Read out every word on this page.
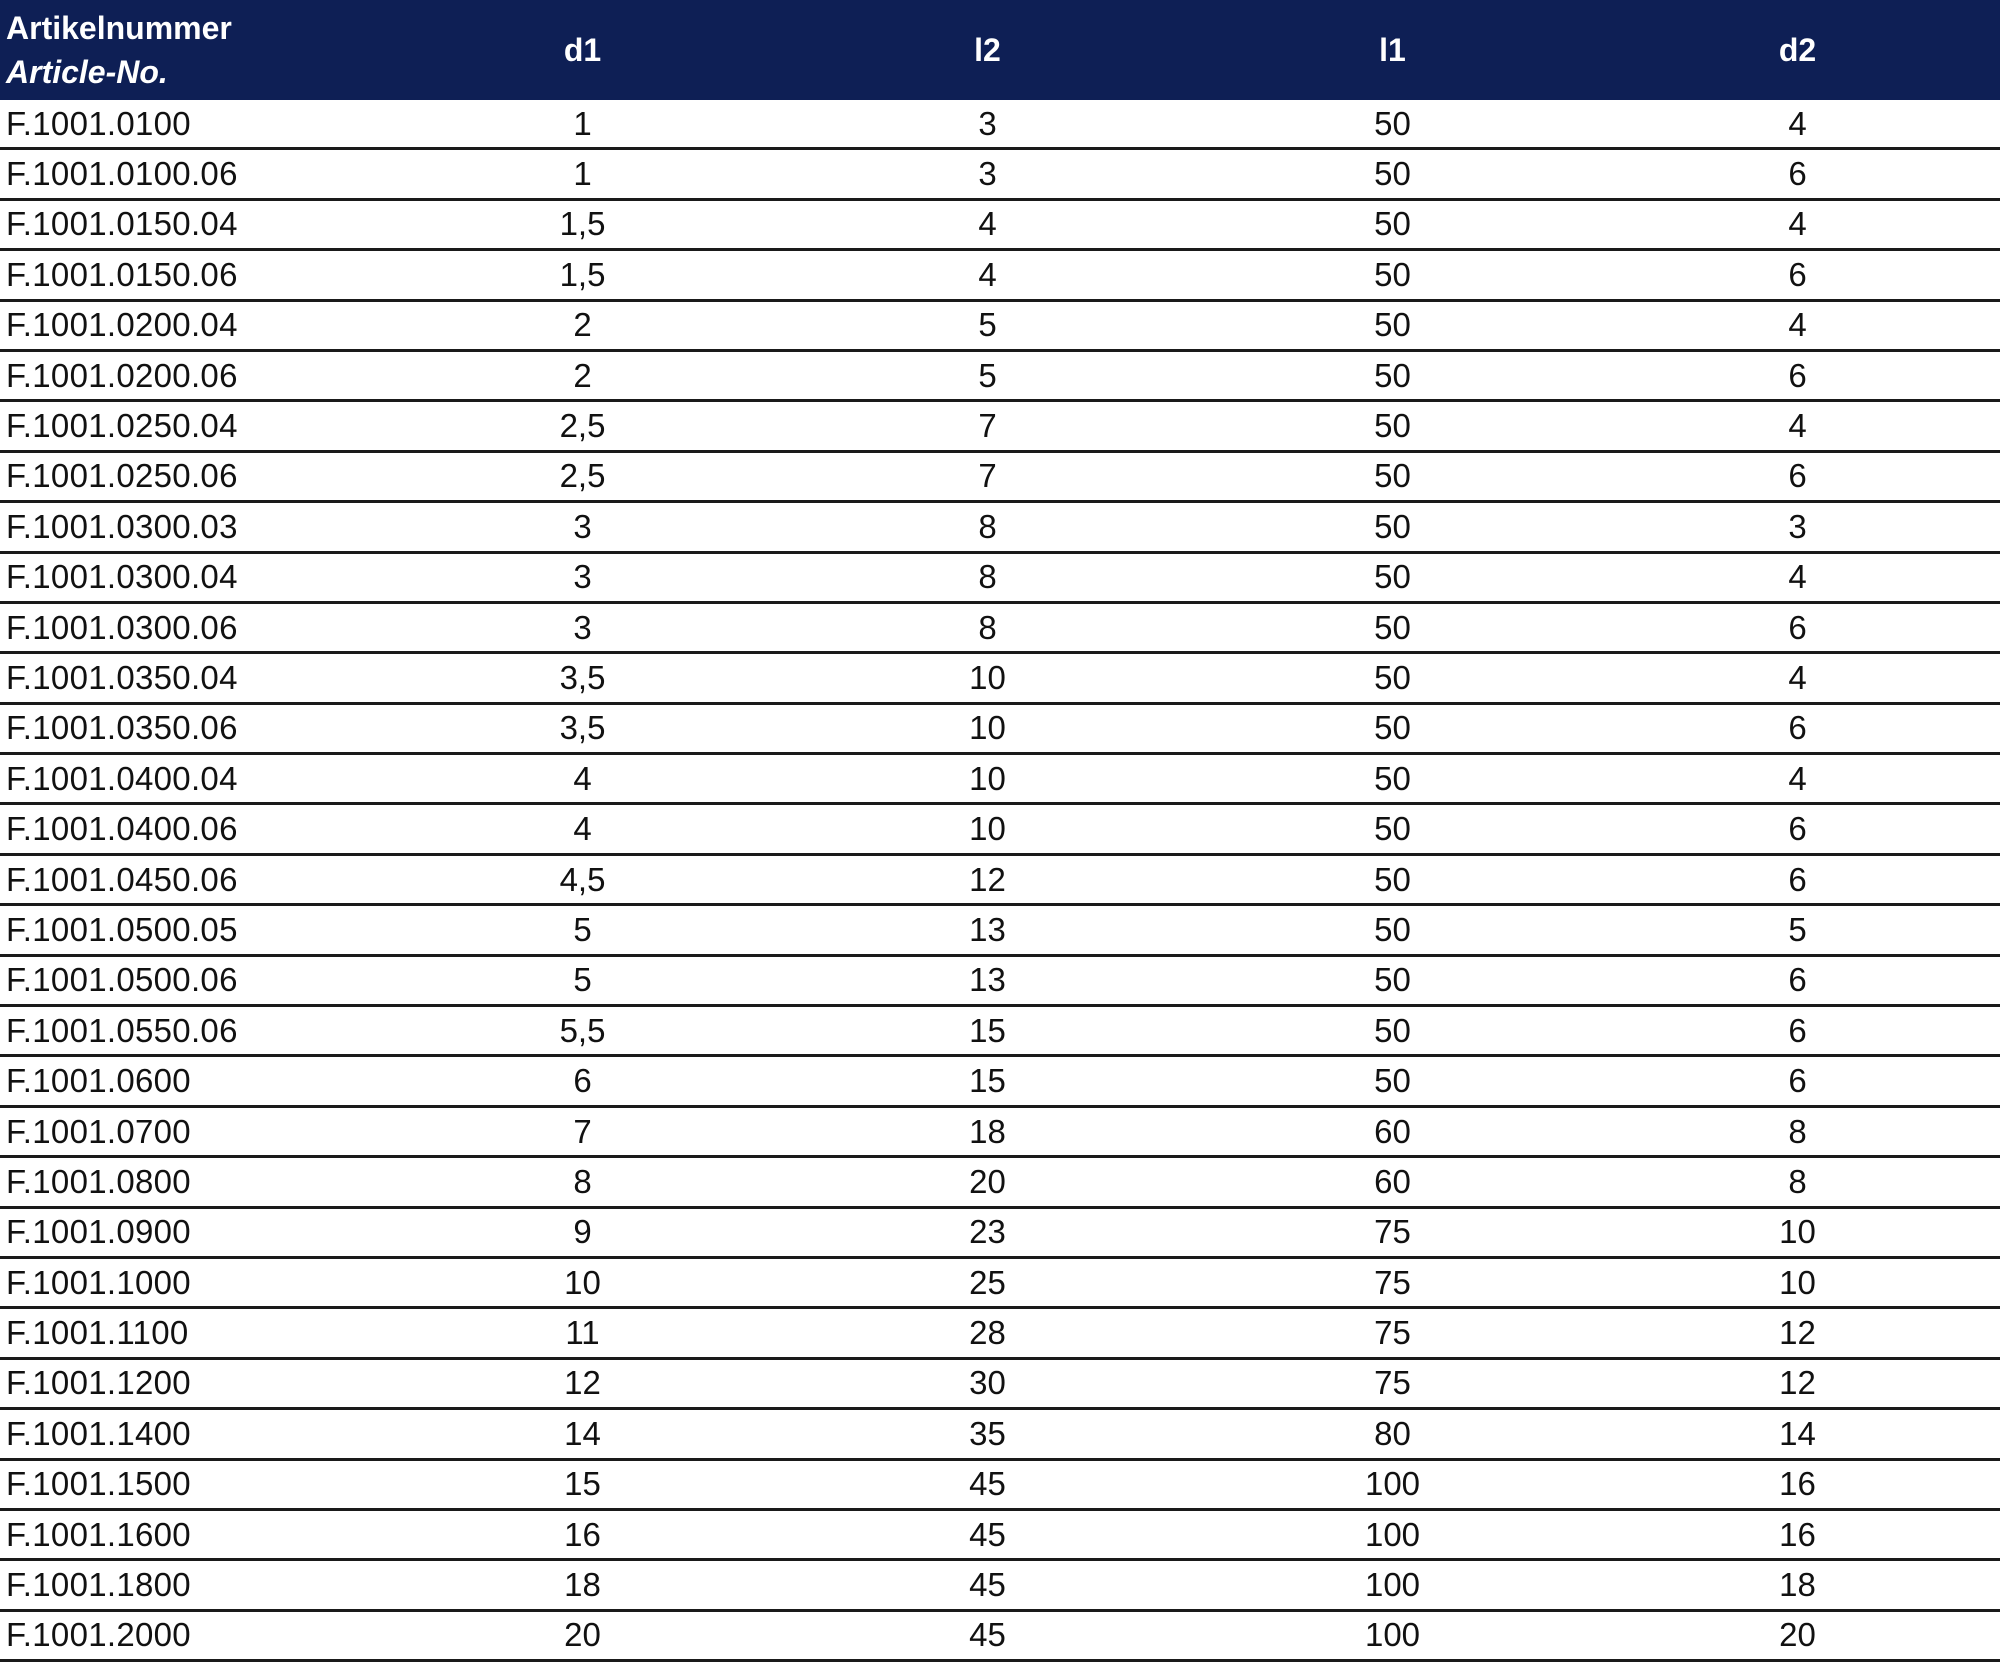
Artikelnummer
Article-No.	d1	l2	l1	d2
F.1001.0100	1	3	50	4
F.1001.0100.06	1	3	50	6
F.1001.0150.04	1,5	4	50	4
F.1001.0150.06	1,5	4	50	6
F.1001.0200.04	2	5	50	4
F.1001.0200.06	2	5	50	6
F.1001.0250.04	2,5	7	50	4
F.1001.0250.06	2,5	7	50	6
F.1001.0300.03	3	8	50	3
F.1001.0300.04	3	8	50	4
F.1001.0300.06	3	8	50	6
F.1001.0350.04	3,5	10	50	4
F.1001.0350.06	3,5	10	50	6
F.1001.0400.04	4	10	50	4
F.1001.0400.06	4	10	50	6
F.1001.0450.06	4,5	12	50	6
F.1001.0500.05	5	13	50	5
F.1001.0500.06	5	13	50	6
F.1001.0550.06	5,5	15	50	6
F.1001.0600	6	15	50	6
F.1001.0700	7	18	60	8
F.1001.0800	8	20	60	8
F.1001.0900	9	23	75	10
F.1001.1000	10	25	75	10
F.1001.1100	11	28	75	12
F.1001.1200	12	30	75	12
F.1001.1400	14	35	80	14
F.1001.1500	15	45	100	16
F.1001.1600	16	45	100	16
F.1001.1800	18	45	100	18
F.1001.2000	20	45	100	20
